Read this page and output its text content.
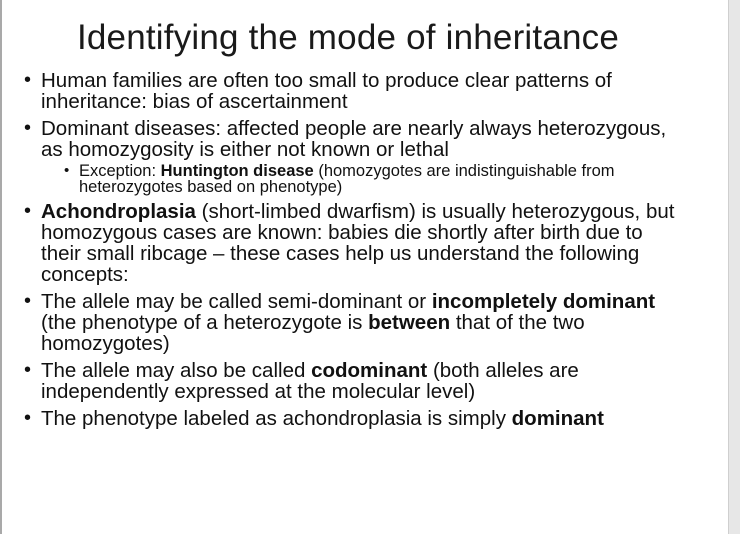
Identifying the mode of inheritance
• Human families are often too small to produce clear patterns of inheritance: bias of ascertainment
• Dominant diseases: affected people are nearly always heterozygous, as homozygosity is either not known or lethal
• Exception: Huntington disease (homozygotes are indistinguishable from heterozygotes based on phenotype)
• Achondroplasia (short-limbed dwarfism) is usually heterozygous, but homozygous cases are known: babies die shortly after birth due to their small ribcage – these cases help us understand the following concepts:
• The allele may be called semi-dominant or incompletely dominant (the phenotype of a heterozygote is between that of the two homozygotes)
• The allele may also be called codominant (both alleles are independently expressed at the molecular level)
• The phenotype labeled as achondroplasia is simply dominant
